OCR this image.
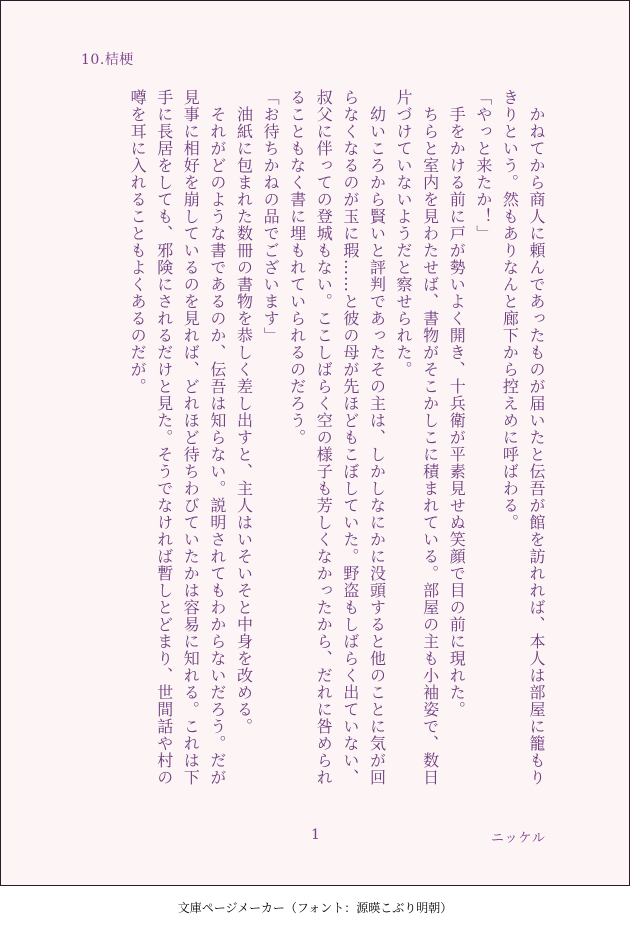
10.桔梗

　かねてから商人に頼んであったものが届いたと伝吾が館を訪れれば、本人は部屋に籠もりきりという。然もありなんと廊下から控えめに呼ばわる。

「やっと来たか！」

　手をかける前に戸が勢いよく開き、十兵衛が平素見せぬ笑顔で目の前に現れた。

　ちらと室内を見わたせば、書物がそこかしこに積まれている。部屋の主も小袖姿で、数日片づけていないようだと察せられた。

　幼いころから賢いと評判であったその主は、しかしなにかに没頭すると他のことに気が回らなくなるのが玉に瑕……と彼の母が先ほどもこぼしていた。野盗もしばらく出ていない、叔父に伴っての登城もない。ここしばらく空の様子も芳しくなかったから、だれに咎められることもなく書に埋もれていられるのだろう。

「お待ちかねの品でございます」

　油紙に包まれた数冊の書物を恭しく差し出すと、主人はいそいそと中身を改める。

　それがどのような書であるのか、伝吾は知らない。説明されてもわからないだろう。だが見事に相好を崩しているのを見れば、どれほど待ちわびていたかは容易に知れる。これは下手に長居をしても、邪険にされるだけと見た。そうでなければ暫しとどまり、世間話や村の噂を耳に入れることもよくあるのだが。

1	ニッケル
文庫ページメーカー（フォント：源暎こぶり明朝）
